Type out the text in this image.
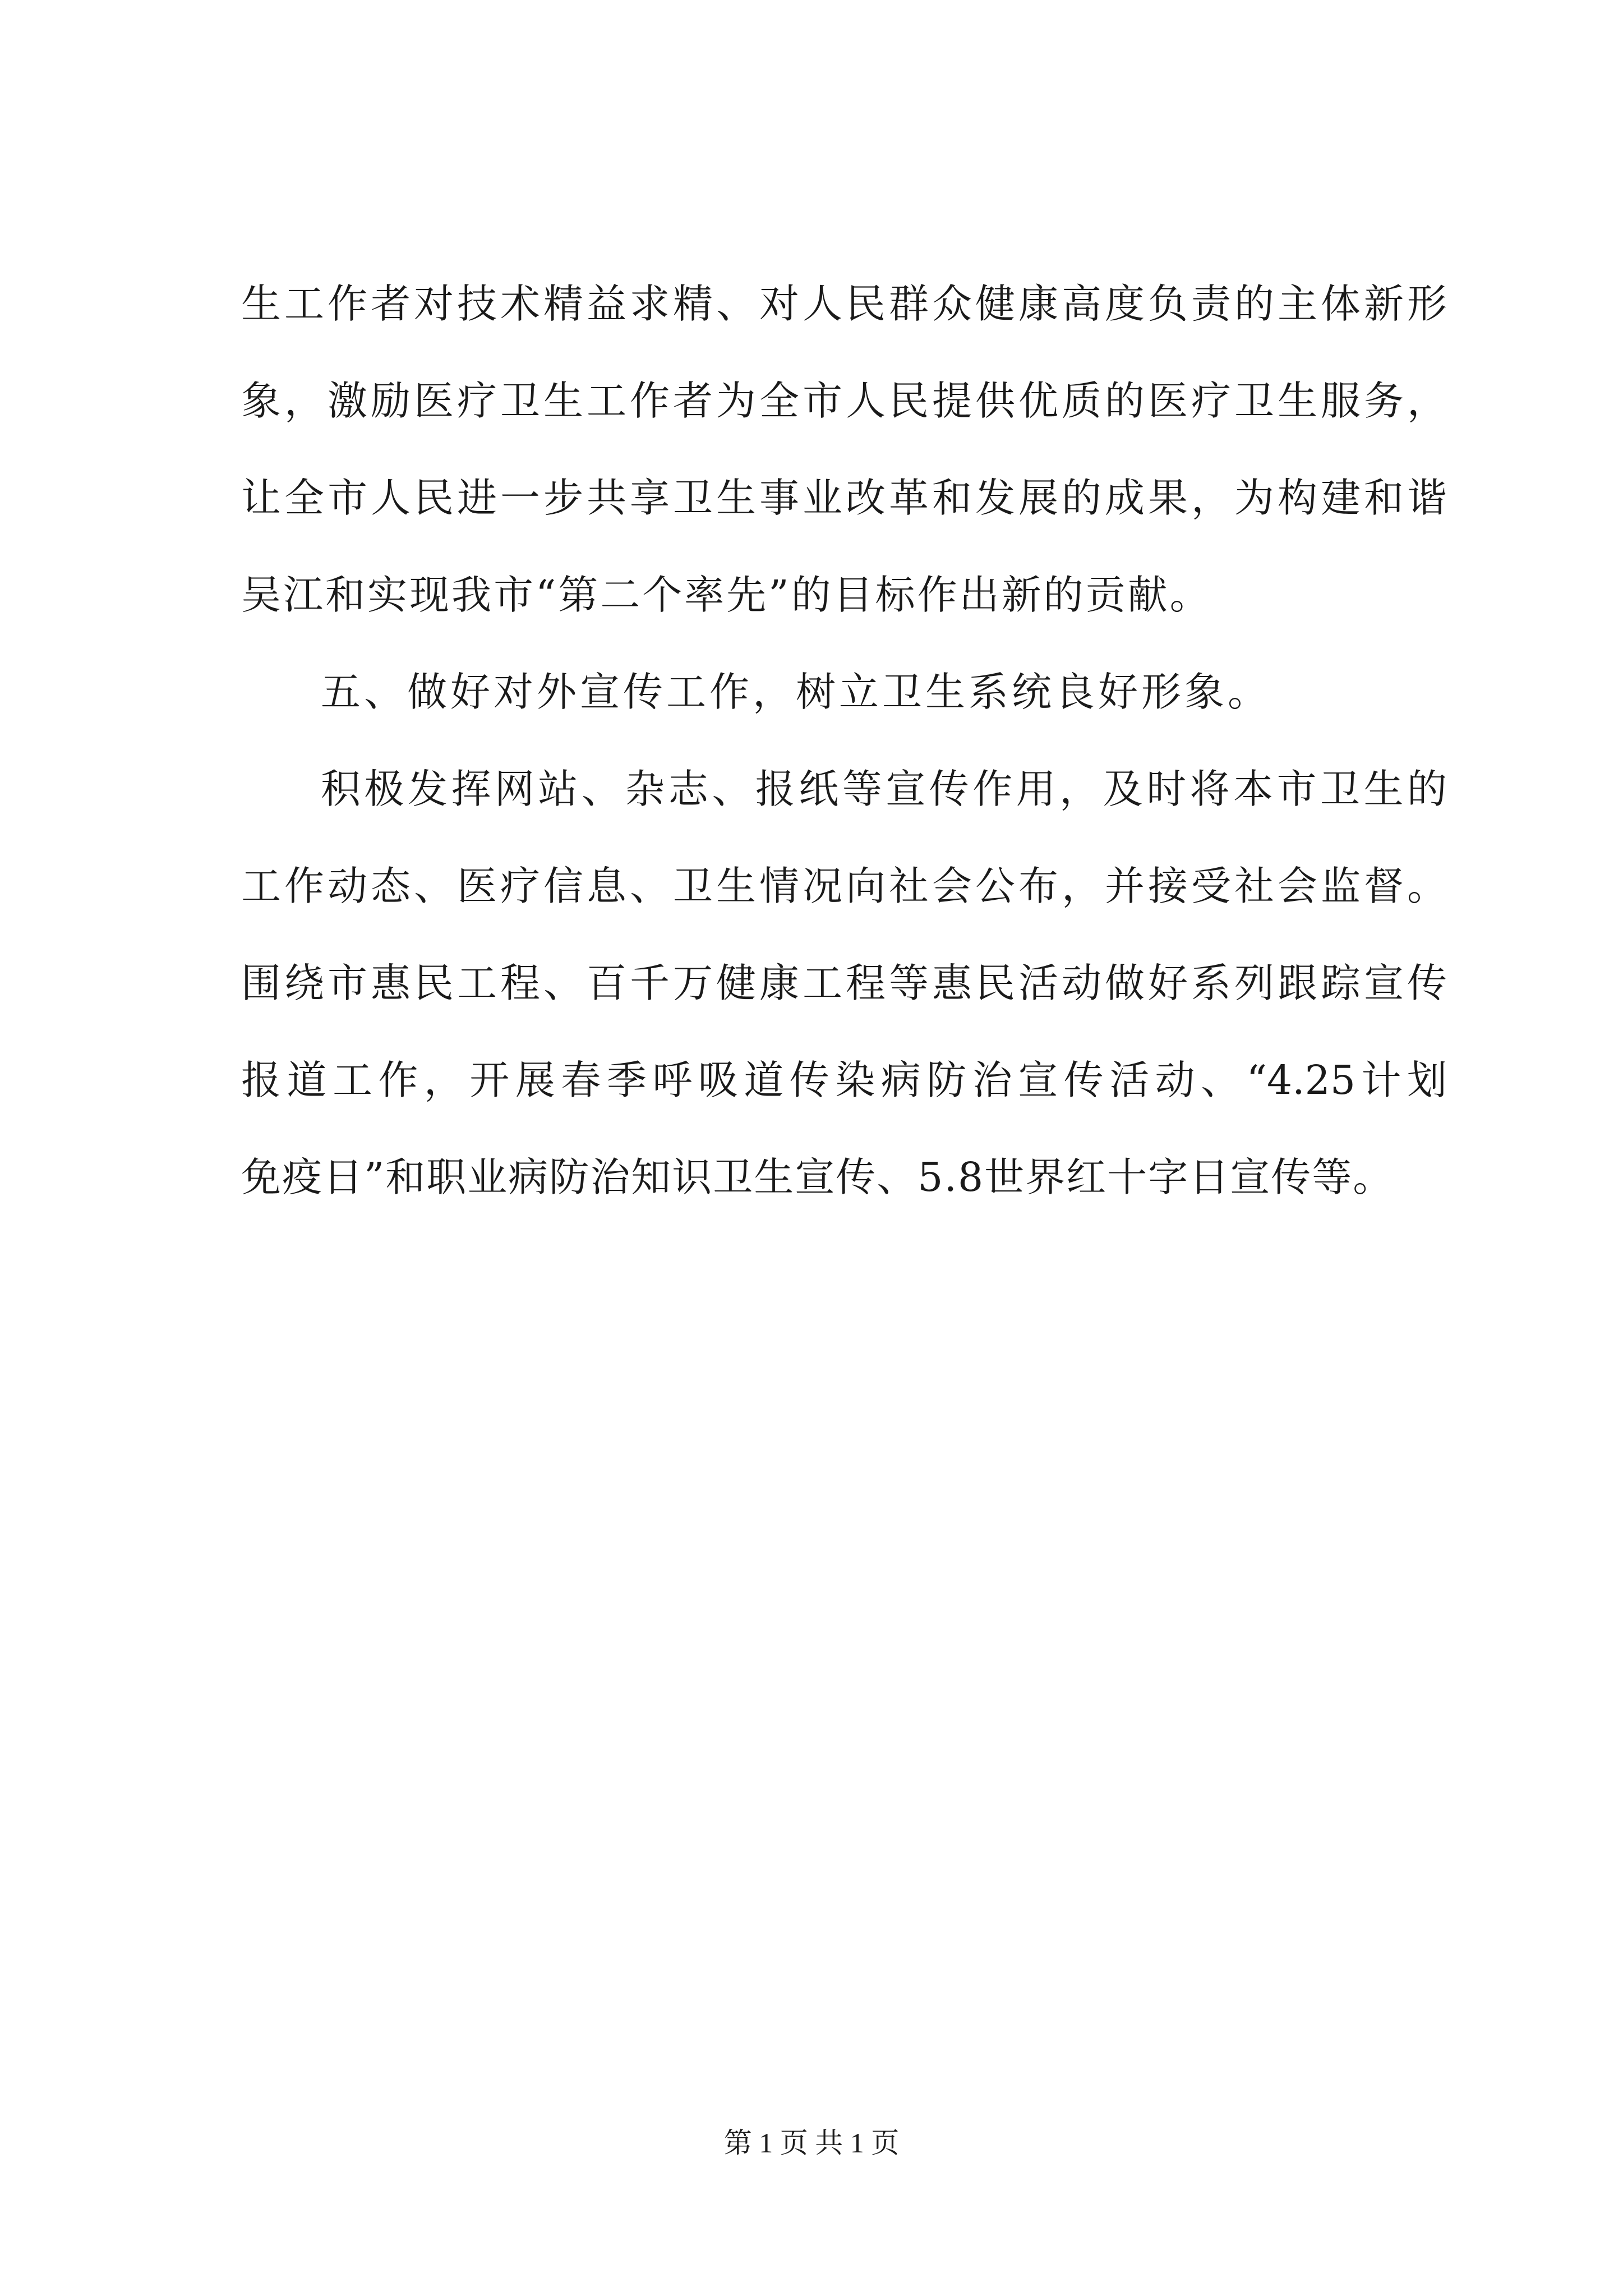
生工作者对技术精益求精、对人民群众健康高度负责的主体新形
象，激励医疗卫生工作者为全市人民提供优质的医疗卫生服务，
让全市人民进一步共享卫生事业改革和发展的成果，为构建和谐
吴江和实现我市“第二个率先”的目标作出新的贡献。
五、做好对外宣传工作，树立卫生系统良好形象。
积极发挥网站、杂志、报纸等宣传作用，及时将本市卫生的
工作动态、医疗信息、卫生情况向社会公布，并接受社会监督。
围绕市惠民工程、百千万健康工程等惠民活动做好系列跟踪宣传
报道工作，开展春季呼吸道传染病防治宣传活动、“4.25计划
免疫日”和职业病防治知识卫生宣传、5.8世界红十字日宣传等。
第 1 页 共 1 页
